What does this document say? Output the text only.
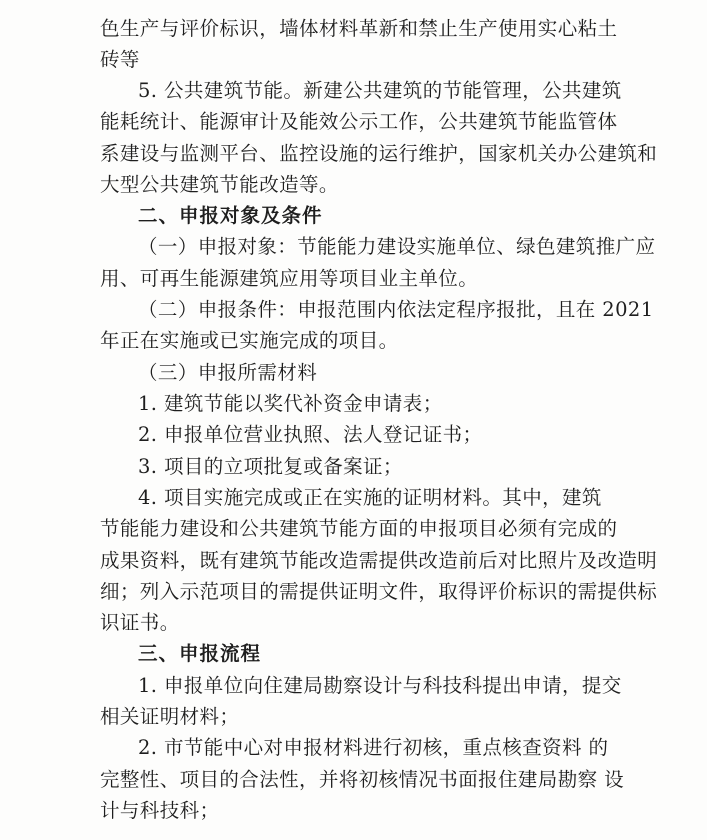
色生产与评价标识，墙体材料革新和禁止生产使用实心粘土
砖等
5. 公共建筑节能。新建公共建筑的节能管理，公共建筑
能耗统计、能源审计及能效公示工作，公共建筑节能监管体
系建设与监测平台、监控设施的运行维护，国家机关办公建筑和
大型公共建筑节能改造等。
二、申报对象及条件
（一）申报对象：节能能力建设实施单位、绿色建筑推广应
用、可再生能源建筑应用等项目业主单位。
（二）申报条件：申报范围内依法定程序报批，且在 2021
年正在实施或已实施完成的项目。
（三）申报所需材料
1. 建筑节能以奖代补资金申请表；
2. 申报单位营业执照、法人登记证书；
3. 项目的立项批复或备案证；
4. 项目实施完成或正在实施的证明材料。其中，建筑
节能能力建设和公共建筑节能方面的申报项目必须有完成的
成果资料，既有建筑节能改造需提供改造前后对比照片及改造明
细；列入示范项目的需提供证明文件，取得评价标识的需提供标
识证书。
三、申报流程
1. 申报单位向住建局勘察设计与科技科提出申请，提交
相关证明材料；
2. 市节能中心对申报材料进行初核，重点核查资料 的
完整性、项目的合法性，并将初核情况书面报住建局勘察 设
计与科技科；
